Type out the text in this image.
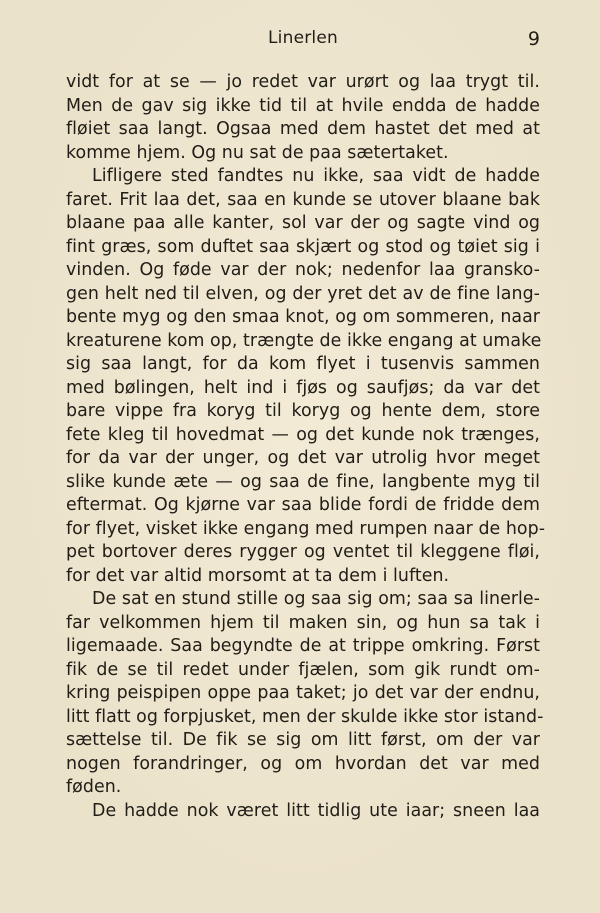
Linerlen	9
vidt for at se — jo redet var urørt og laa trygt til.
Men de gav sig ikke tid til at hvile endda de hadde
fløiet saa langt. Ogsaa med dem hastet det med at
komme hjem. Og nu sat de paa sætertaket.
Lifligere sted fandtes nu ikke, saa vidt de hadde
faret. Frit laa det, saa en kunde se utover blaane bak
blaane paa alle kanter, sol var der og sagte vind og
fint græs, som duftet saa skjært og stod og tøiet sig i
vinden. Og føde var der nok; nedenfor laa gransko-
gen helt ned til elven, og der yret det av de fine lang-
bente myg og den smaa knot, og om sommeren, naar
kreaturene kom op, trængte de ikke engang at umake
sig saa langt, for da kom flyet i tusenvis sammen
med bølingen, helt ind i fjøs og saufjøs; da var det
bare vippe fra koryg til koryg og hente dem, store
fete kleg til hovedmat — og det kunde nok trænges,
for da var der unger, og det var utrolig hvor meget
slike kunde æte — og saa de fine, langbente myg til
eftermat. Og kjørne var saa blide fordi de fridde dem
for flyet, visket ikke engang med rumpen naar de hop-
pet bortover deres rygger og ventet til kleggene fløi,
for det var altid morsomt at ta dem i luften.
De sat en stund stille og saa sig om; saa sa linerle-
far velkommen hjem til maken sin, og hun sa tak i
ligemaade. Saa begyndte de at trippe omkring. Først
fik de se til redet under fjælen, som gik rundt om-
kring peispipen oppe paa taket; jo det var der endnu,
litt flatt og forpjusket, men der skulde ikke stor istand-
sættelse til. De fik se sig om litt først, om der var
nogen forandringer, og om hvordan det var med
føden.
De hadde nok været litt tidlig ute iaar; sneen laa
